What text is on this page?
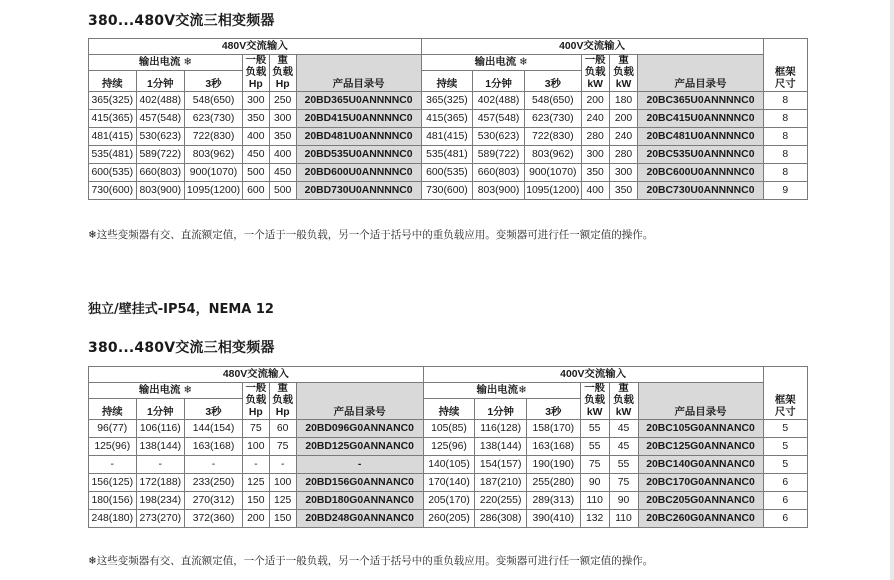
380...480V交流三相变频器
480V交流输入						400V交流输入						
输出电流 ❄			一般
负载
Hp	重
负载
Hp	产品目录号	输出电流 ❄			一般
负载
kW	重
负载
kW	产品目录号	框架
尺寸
持续	1分钟	3秒				持续	1分钟	3秒				
365(325)	402(488)	548(650)	300	250	20BD365U0ANNNNC0	365(325)	402(488)	548(650)	200	180	20BC365U0ANNNNC0	8
415(365)	457(548)	623(730)	350	300	20BD415U0ANNNNC0	415(365)	457(548)	623(730)	240	200	20BC415U0ANNNNC0	8
481(415)	530(623)	722(830)	400	350	20BD481U0ANNNNC0	481(415)	530(623)	722(830)	280	240	20BC481U0ANNNNC0	8
535(481)	589(722)	803(962)	450	400	20BD535U0ANNNNC0	535(481)	589(722)	803(962)	300	280	20BC535U0ANNNNC0	8
600(535)	660(803)	900(1070)	500	450	20BD600U0ANNNNC0	600(535)	660(803)	900(1070)	350	300	20BC600U0ANNNNC0	8
730(600)	803(900)	1095(1200)	600	500	20BD730U0ANNNNC0	730(600)	803(900)	1095(1200)	400	350	20BC730U0ANNNNC0	9

❄这些变频器有交、直流额定值，一个适于一般负载，另一个适于括号中的重负载应用。变频器可进行任一额定值的操作。

独立/壁挂式-IP54，NEMA 12
380...480V交流三相变频器
480V交流输入						400V交流输入						
输出电流 ❄			一般
负载
Hp	重
负载
Hp	产品目录号	输出电流❄			一般
负载
kW	重
负载
kW	产品目录号	框架
尺寸
持续	1分钟	3秒				持续	1分钟	3秒				
96(77)	106(116)	144(154)	75	60	20BD096G0ANNANC0	105(85)	116(128)	158(170)	55	45	20BC105G0ANNANC0	5
125(96)	138(144)	163(168)	100	75	20BD125G0ANNANC0	125(96)	138(144)	163(168)	55	45	20BC125G0ANNANC0	5
-	-	-	-	-	-	140(105)	154(157)	190(190)	75	55	20BC140G0ANNANC0	5
156(125)	172(188)	233(250)	125	100	20BD156G0ANNANC0	170(140)	187(210)	255(280)	90	75	20BC170G0ANNANC0	6
180(156)	198(234)	270(312)	150	125	20BD180G0ANNANC0	205(170)	220(255)	289(313)	110	90	20BC205G0ANNANC0	6
248(180)	273(270)	372(360)	200	150	20BD248G0ANNANC0	260(205)	286(308)	390(410)	132	110	20BC260G0ANNANC0	6

❄这些变频器有交、直流额定值，一个适于一般负载，另一个适于括号中的重负载应用。变频器可进行任一额定值的操作。
